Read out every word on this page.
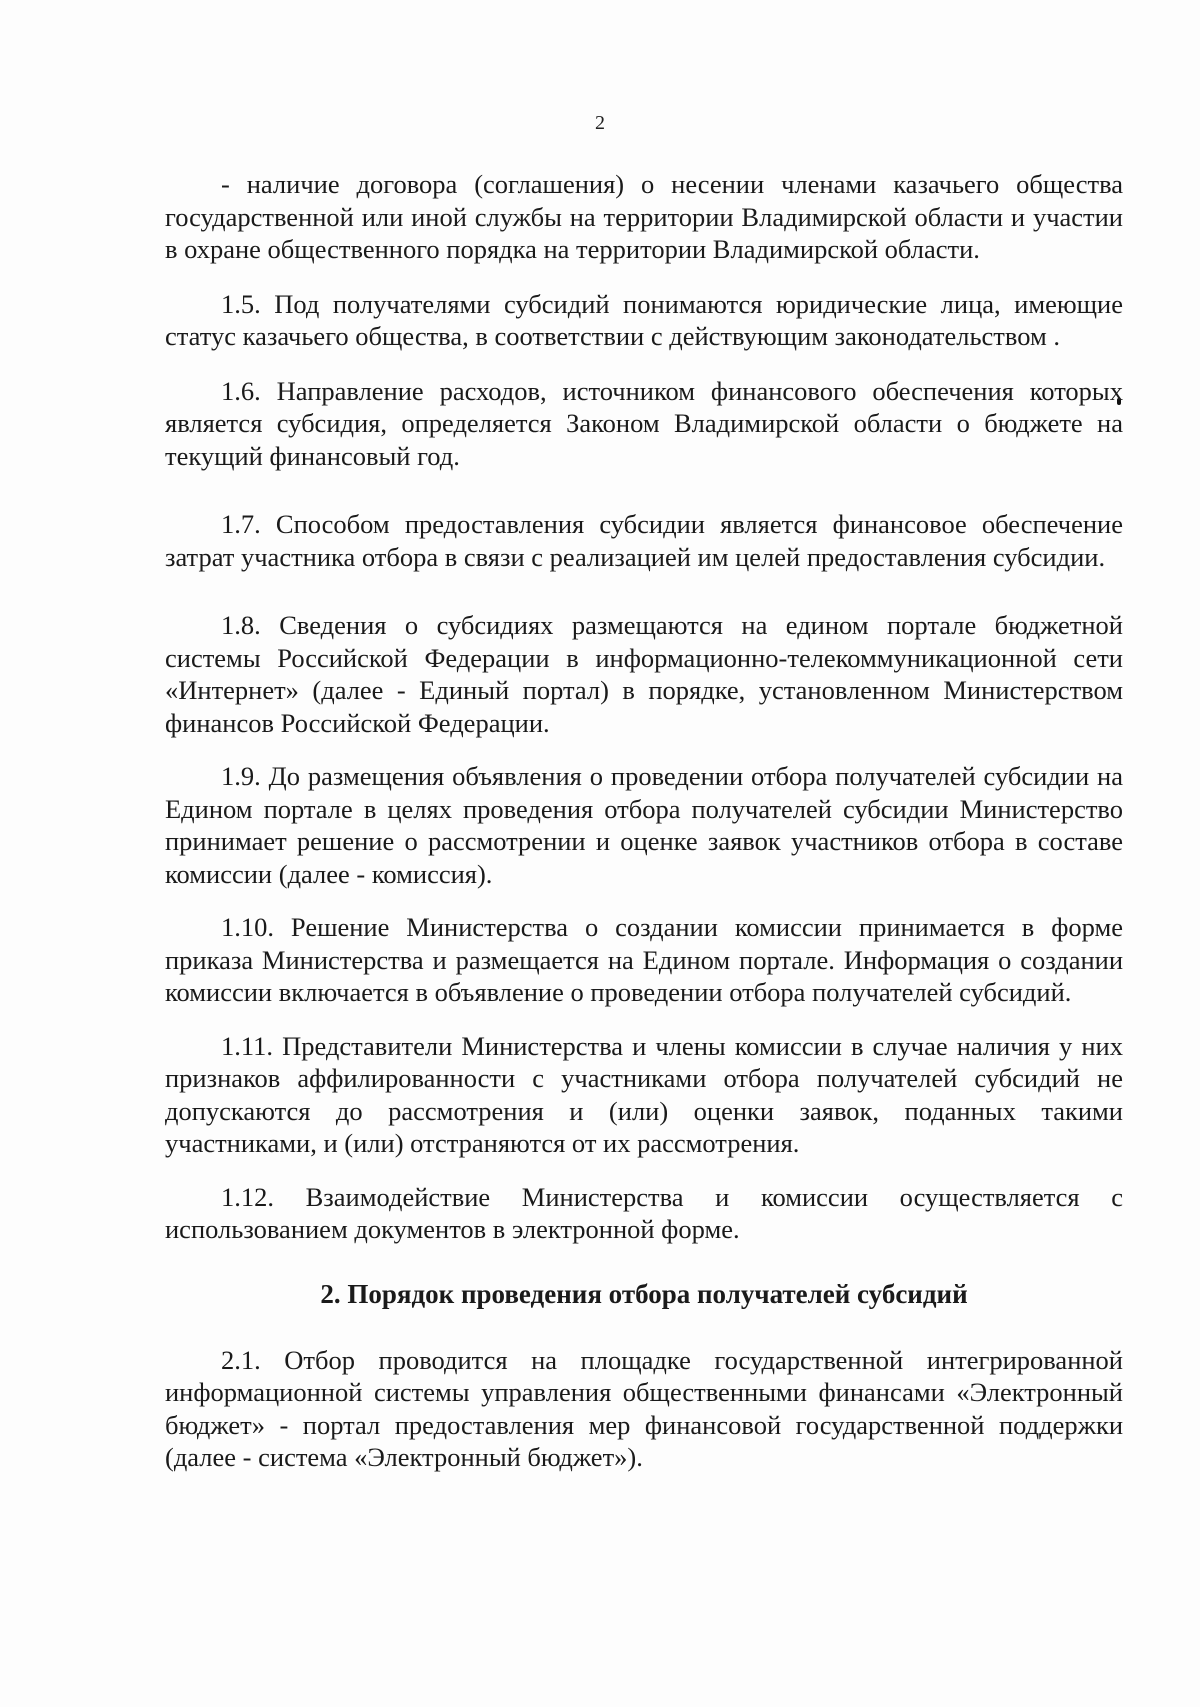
2

- наличие договора (соглашения) о несении членами казачьего общества государственной или иной службы на территории Владимирской области и участии в охране общественного порядка на территории Владимирской области.

1.5. Под получателями субсидий понимаются юридические лица, имеющие статус казачьего общества, в соответствии с действующим законодательством .

1.6. Направление расходов, источником финансового обеспечения которых является субсидия, определяется Законом Владимирской области о бюджете на текущий финансовый год.

1.7. Способом предоставления субсидии является финансовое обеспечение затрат участника отбора в связи с реализацией им целей предоставления субсидии.

1.8. Сведения о субсидиях размещаются на едином портале бюджетной системы Российской Федерации в информационно-телекоммуникационной сети «Интернет» (далее - Единый портал) в порядке, установленном Министерством финансов Российской Федерации.

1.9. До размещения объявления о проведении отбора получателей субсидии на Едином портале в целях проведения отбора получателей субсидии Министерство принимает решение о рассмотрении и оценке заявок участников отбора в составе комиссии (далее - комиссия).

1.10. Решение Министерства о создании комиссии принимается в форме приказа Министерства и размещается на Едином портале. Информация о создании комиссии включается в объявление о проведении отбора получателей субсидий.

1.11. Представители Министерства и члены комиссии в случае наличия у них признаков аффилированности с участниками отбора получателей субсидий не допускаются до рассмотрения и (или) оценки заявок, поданных такими участниками, и (или) отстраняются от их рассмотрения.

1.12. Взаимодействие Министерства и комиссии осуществляется с использованием документов в электронной форме.

2. Порядок проведения отбора получателей субсидий

2.1. Отбор проводится на площадке государственной интегрированной информационной системы управления общественными финансами «Электронный бюджет» - портал предоставления мер финансовой государственной поддержки (далее - система «Электронный бюджет»).
